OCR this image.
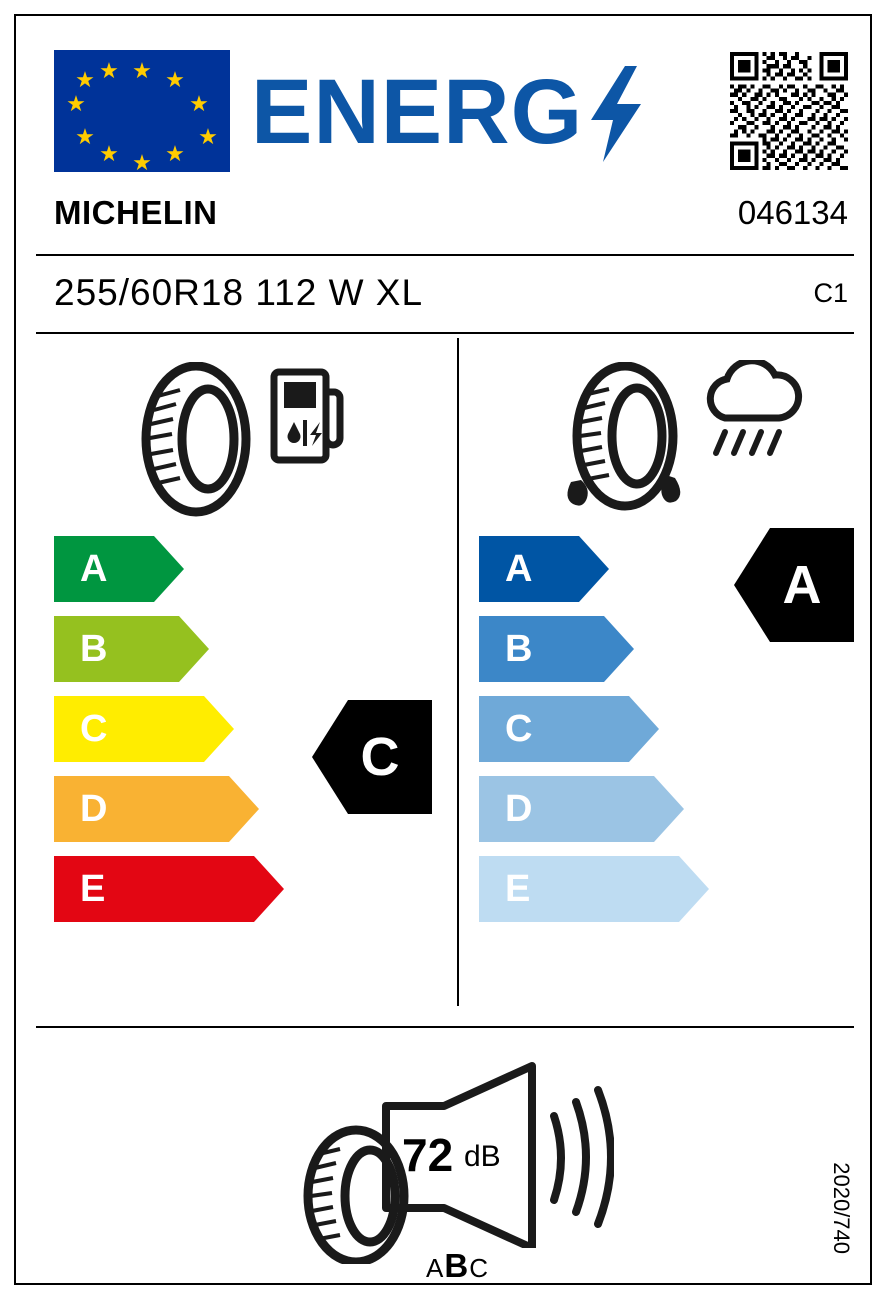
★ ★
★
★
★
★
★
★
★
★ ★ ENERG
MICHELIN	046134
255/60R18 112 W XL	C1
A
B
C
D
E
C
A
B
C
D
E
A
72 dB
ABC
2020/740
